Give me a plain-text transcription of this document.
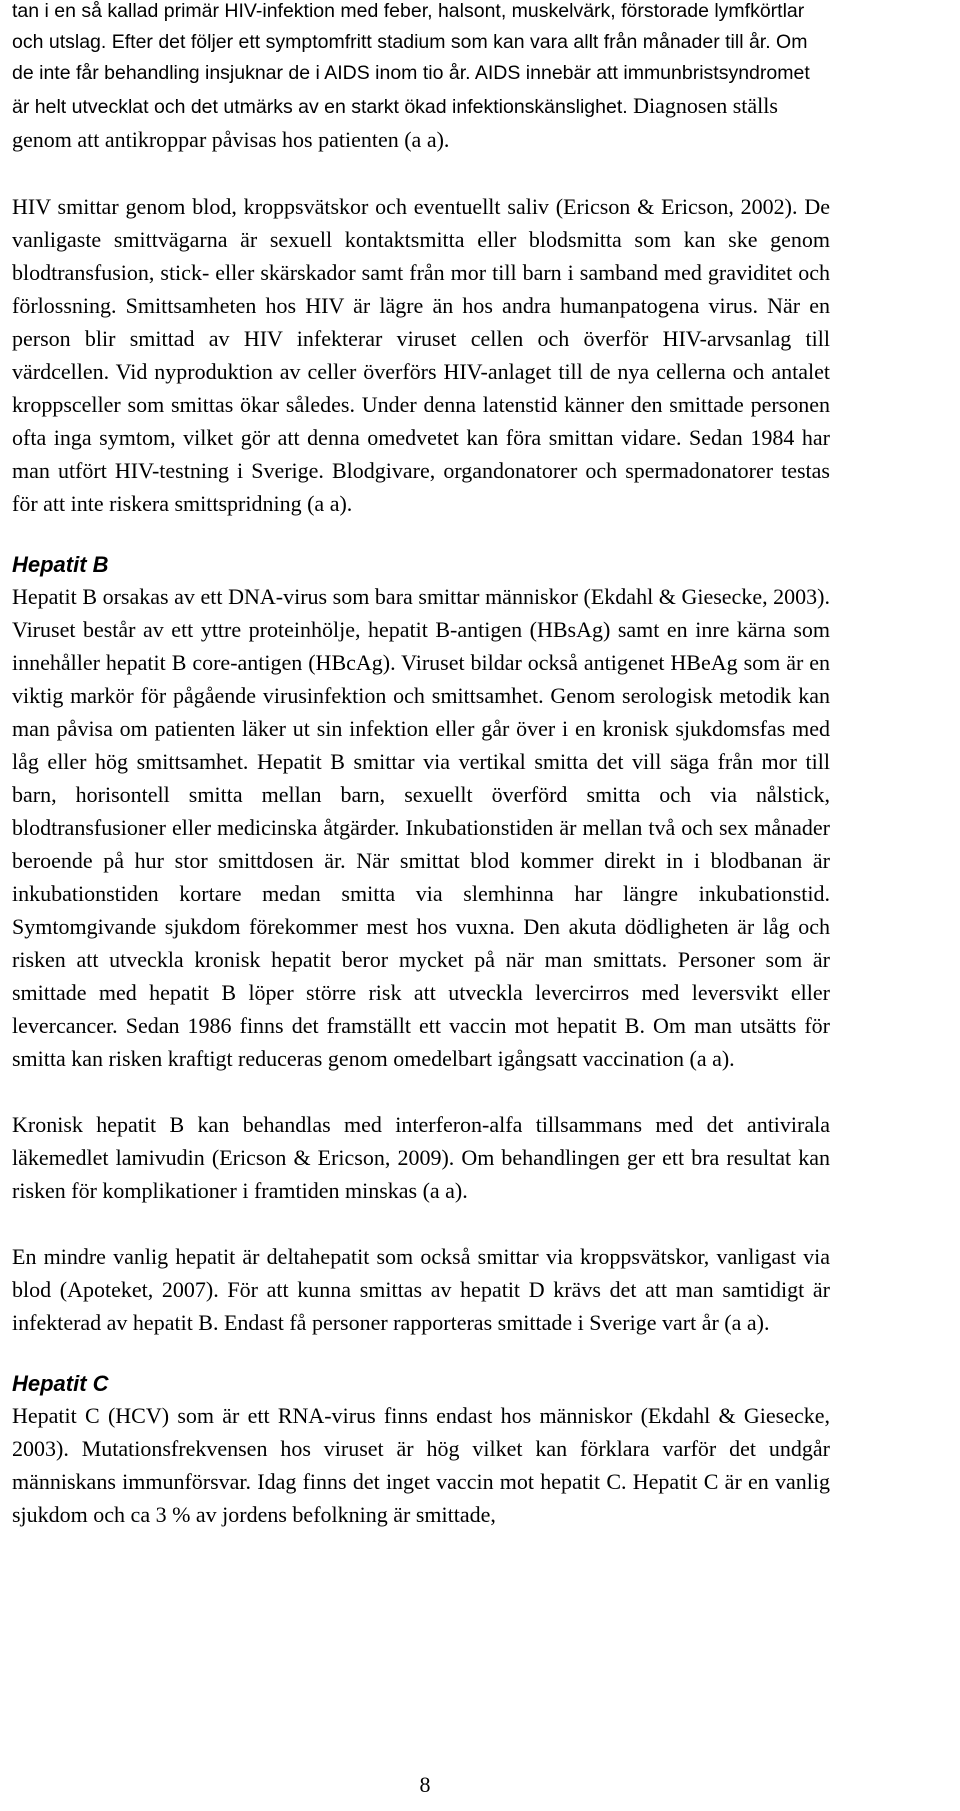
tan i en så kallad primär HIV-infektion med feber, halsont, muskelvärk, förstorade lymfkörtlar och utslag. Efter det följer ett symptomfritt stadium som kan vara allt från månader till år. Om de inte får behandling insjuknar de i AIDS inom tio år. AIDS innebär att immunbristsyndromet är helt utvecklat och det utmärks av en starkt ökad infektionskänslighet. Diagnosen ställs genom att antikroppar påvisas hos patienten (a a).

HIV smittar genom blod, kroppsvätskor och eventuellt saliv (Ericson & Ericson, 2002). De vanligaste smittvägarna är sexuell kontaktsmitta eller blodsmitta som kan ske genom blodtransfusion, stick- eller skärskador samt från mor till barn i samband med graviditet och förlossning. Smittsamheten hos HIV är lägre än hos andra humanpatogena virus. När en person blir smittad av HIV infekterar viruset cellen och överför HIV-arvsanlag till värdcellen. Vid nyproduktion av celler överförs HIV-anlaget till de nya cellerna och antalet kroppsceller som smittas ökar således. Under denna latenstid känner den smittade personen ofta inga symtom, vilket gör att denna omedvetet kan föra smittan vidare. Sedan 1984 har man utfört HIV-testning i Sverige. Blodgivare, organdonatorer och spermadonatorer testas för att inte riskera smittspridning (a a).

Hepatit B

Hepatit B orsakas av ett DNA-virus som bara smittar människor (Ekdahl & Giesecke, 2003). Viruset består av ett yttre proteinhölje, hepatit B-antigen (HBsAg) samt en inre kärna som innehåller hepatit B core-antigen (HBcAg). Viruset bildar också antigenet HBeAg som är en viktig markör för pågående virusinfektion och smittsamhet. Genom serologisk metodik kan man påvisa om patienten läker ut sin infektion eller går över i en kronisk sjukdomsfas med låg eller hög smittsamhet. Hepatit B smittar via vertikal smitta det vill säga från mor till barn, horisontell smitta mellan barn, sexuellt överförd smitta och via nålstick, blodtransfusioner eller medicinska åtgärder. Inkubationstiden är mellan två och sex månader beroende på hur stor smittdosen är. När smittat blod kommer direkt in i blodbanan är inkubationstiden kortare medan smitta via slemhinna har längre inkubationstid. Symtomgivande sjukdom förekommer mest hos vuxna. Den akuta dödligheten är låg och risken att utveckla kronisk hepatit beror mycket på när man smittats. Personer som är smittade med hepatit B löper större risk att utveckla levercirros med leversvikt eller levercancer. Sedan 1986 finns det framställt ett vaccin mot hepatit B. Om man utsätts för smitta kan risken kraftigt reduceras genom omedelbart igångsatt vaccination (a a).

Kronisk hepatit B kan behandlas med interferon-alfa tillsammans med det antivirala läkemedlet lamivudin (Ericson & Ericson, 2009). Om behandlingen ger ett bra resultat kan risken för komplikationer i framtiden minskas (a a).

En mindre vanlig hepatit är deltahepatit som också smittar via kroppsvätskor, vanligast via blod (Apoteket, 2007). För att kunna smittas av hepatit D krävs det att man samtidigt är infekterad av hepatit B. Endast få personer rapporteras smittade i Sverige vart år (a a).

Hepatit C

Hepatit C (HCV) som är ett RNA-virus finns endast hos människor (Ekdahl & Giesecke, 2003). Mutationsfrekvensen hos viruset är hög vilket kan förklara varför det undgår människans immunförsvar. Idag finns det inget vaccin mot hepatit C. Hepatit C är en vanlig sjukdom och ca 3 % av jordens befolkning är smittade,

8
